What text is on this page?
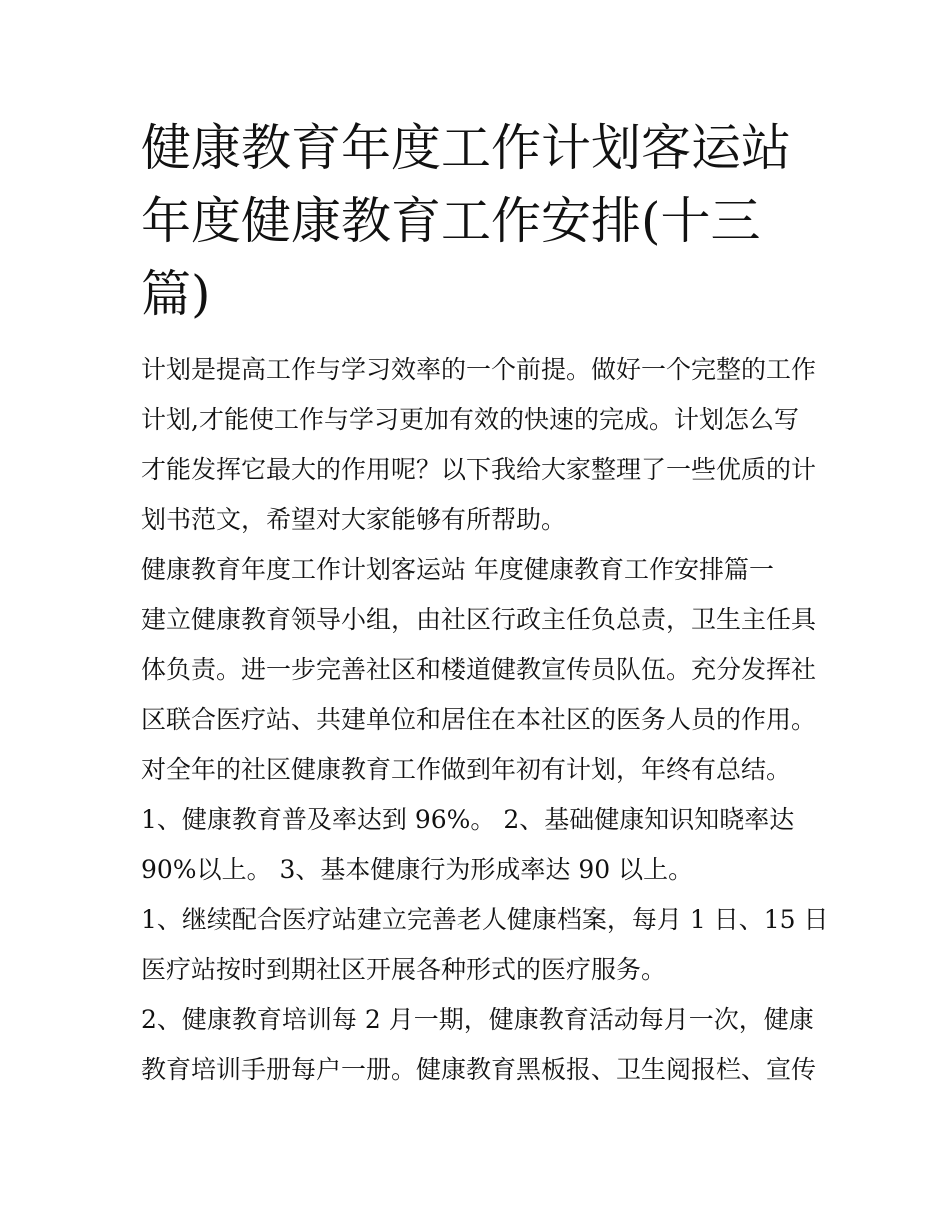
健康教育年度工作计划客运站
年度健康教育工作安排(十三
篇)

计划是提高工作与学习效率的一个前提。做好一个完整的工作
计划,才能使工作与学习更加有效的快速的完成。计划怎么写
才能发挥它最大的作用呢？以下我给大家整理了一些优质的计
划书范文，希望对大家能够有所帮助。

健康教育年度工作计划客运站 年度健康教育工作安排篇一

建立健康教育领导小组，由社区行政主任负总责，卫生主任具
体负责。进一步完善社区和楼道健教宣传员队伍。充分发挥社
区联合医疗站、共建单位和居住在本社区的医务人员的作用。
对全年的社区健康教育工作做到年初有计划，年终有总结。

1、健康教育普及率达到 96%。 2、基础健康知识知晓率达
90%以上。 3、基本健康行为形成率达 90 以上。

1、继续配合医疗站建立完善老人健康档案，每月 1 日、15 日
医疗站按时到期社区开展各种形式的医疗服务。

2、健康教育培训每 2 月一期，健康教育活动每月一次，健康
教育培训手册每户一册。健康教育黑板报、卫生阅报栏、宣传
